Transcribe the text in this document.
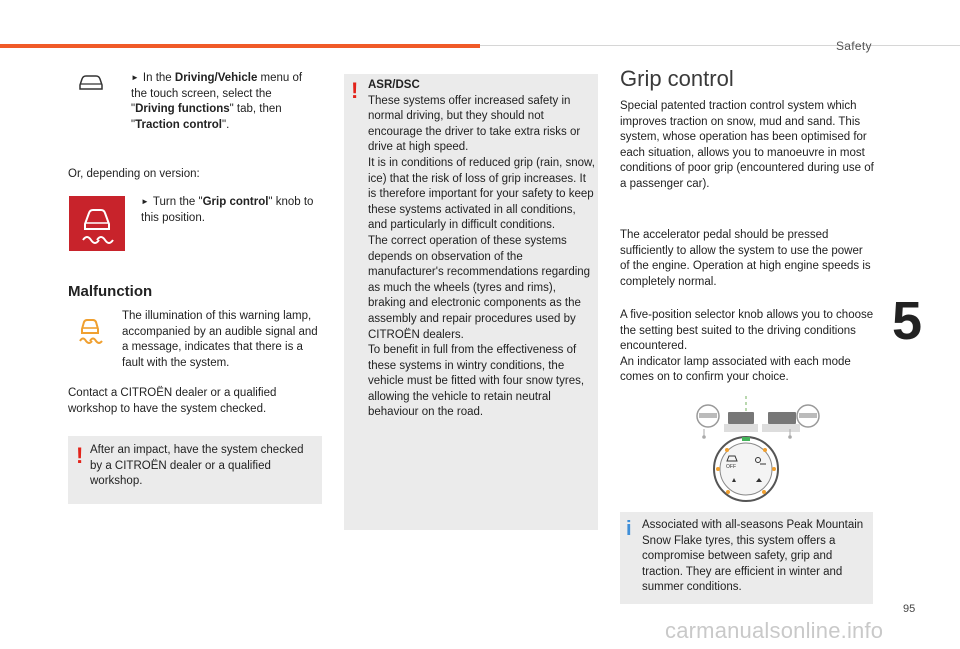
Safety
5
95
► In the Driving/Vehicle menu of the touch screen, select the "Driving functions" tab, then "Traction control".
Or, depending on version:
► Turn the "Grip control" knob to this position.
Malfunction
The illumination of this warning lamp, accompanied by an audible signal and a message, indicates that there is a fault with the system.
Contact a CITROËN dealer or a qualified workshop to have the system checked.
! After an impact, have the system checked by a CITROËN dealer or a qualified workshop.
! ASR/DSC
These systems offer increased safety in normal driving, but they should not encourage the driver to take extra risks or drive at high speed.
It is in conditions of reduced grip (rain, snow, ice) that the risk of loss of grip increases. It is therefore important for your safety to keep these systems activated in all conditions, and particularly in difficult conditions.
The correct operation of these systems depends on observation of the manufacturer's recommendations regarding as much the wheels (tyres and rims), braking and electronic components as the assembly and repair procedures used by CITROËN dealers.
To benefit in full from the effectiveness of these systems in wintry conditions, the vehicle must be fitted with four snow tyres, allowing the vehicle to retain neutral behaviour on the road.
Grip control
Special patented traction control system which improves traction on snow, mud and sand. This system, whose operation has been optimised for each situation, allows you to manoeuvre in most conditions of poor grip (encountered during use of a passenger car).
The accelerator pedal should be pressed sufficiently to allow the system to use the power of the engine. Operation at high engine speeds is completely normal.
A five-position selector knob allows you to choose the setting best suited to the driving conditions encountered.
An indicator lamp associated with each mode comes on to confirm your choice.
OFF
i Associated with all-seasons Peak Mountain Snow Flake tyres, this system offers a compromise between safety, grip and traction. They are efficient in winter and summer conditions.
carmanualsonline.info
